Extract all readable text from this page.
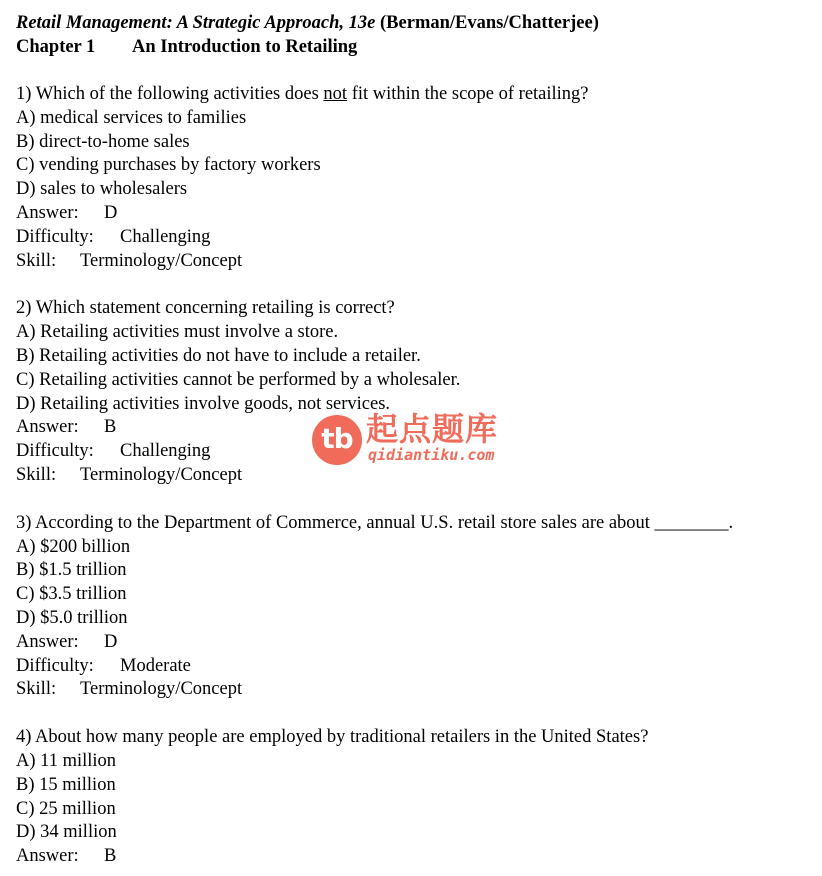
Retail Management: A Strategic Approach, 13e (Berman/Evans/Chatterjee)
Chapter 1 An Introduction to Retailing
1) Which of the following activities does not fit within the scope of retailing?
A) medical services to families
B) direct-to-home sales
C) vending purchases by factory workers
D) sales to wholesalers
Answer: D
Difficulty: Challenging
Skill: Terminology/Concept
2) Which statement concerning retailing is correct?
A) Retailing activities must involve a store.
B) Retailing activities do not have to include a retailer.
C) Retailing activities cannot be performed by a wholesaler.
D) Retailing activities involve goods, not services.
Answer: B
Difficulty: Challenging
Skill: Terminology/Concept
3) According to the Department of Commerce, annual U.S. retail store sales are about ________.
A) $200 billion
B) $1.5 trillion
C) $3.5 trillion
D) $5.0 trillion
Answer: D
Difficulty: Moderate
Skill: Terminology/Concept
4) About how many people are employed by traditional retailers in the United States?
A) 11 million
B) 15 million
C) 25 million
D) 34 million
Answer: B
tb 起点题库
qidiantiku.com
